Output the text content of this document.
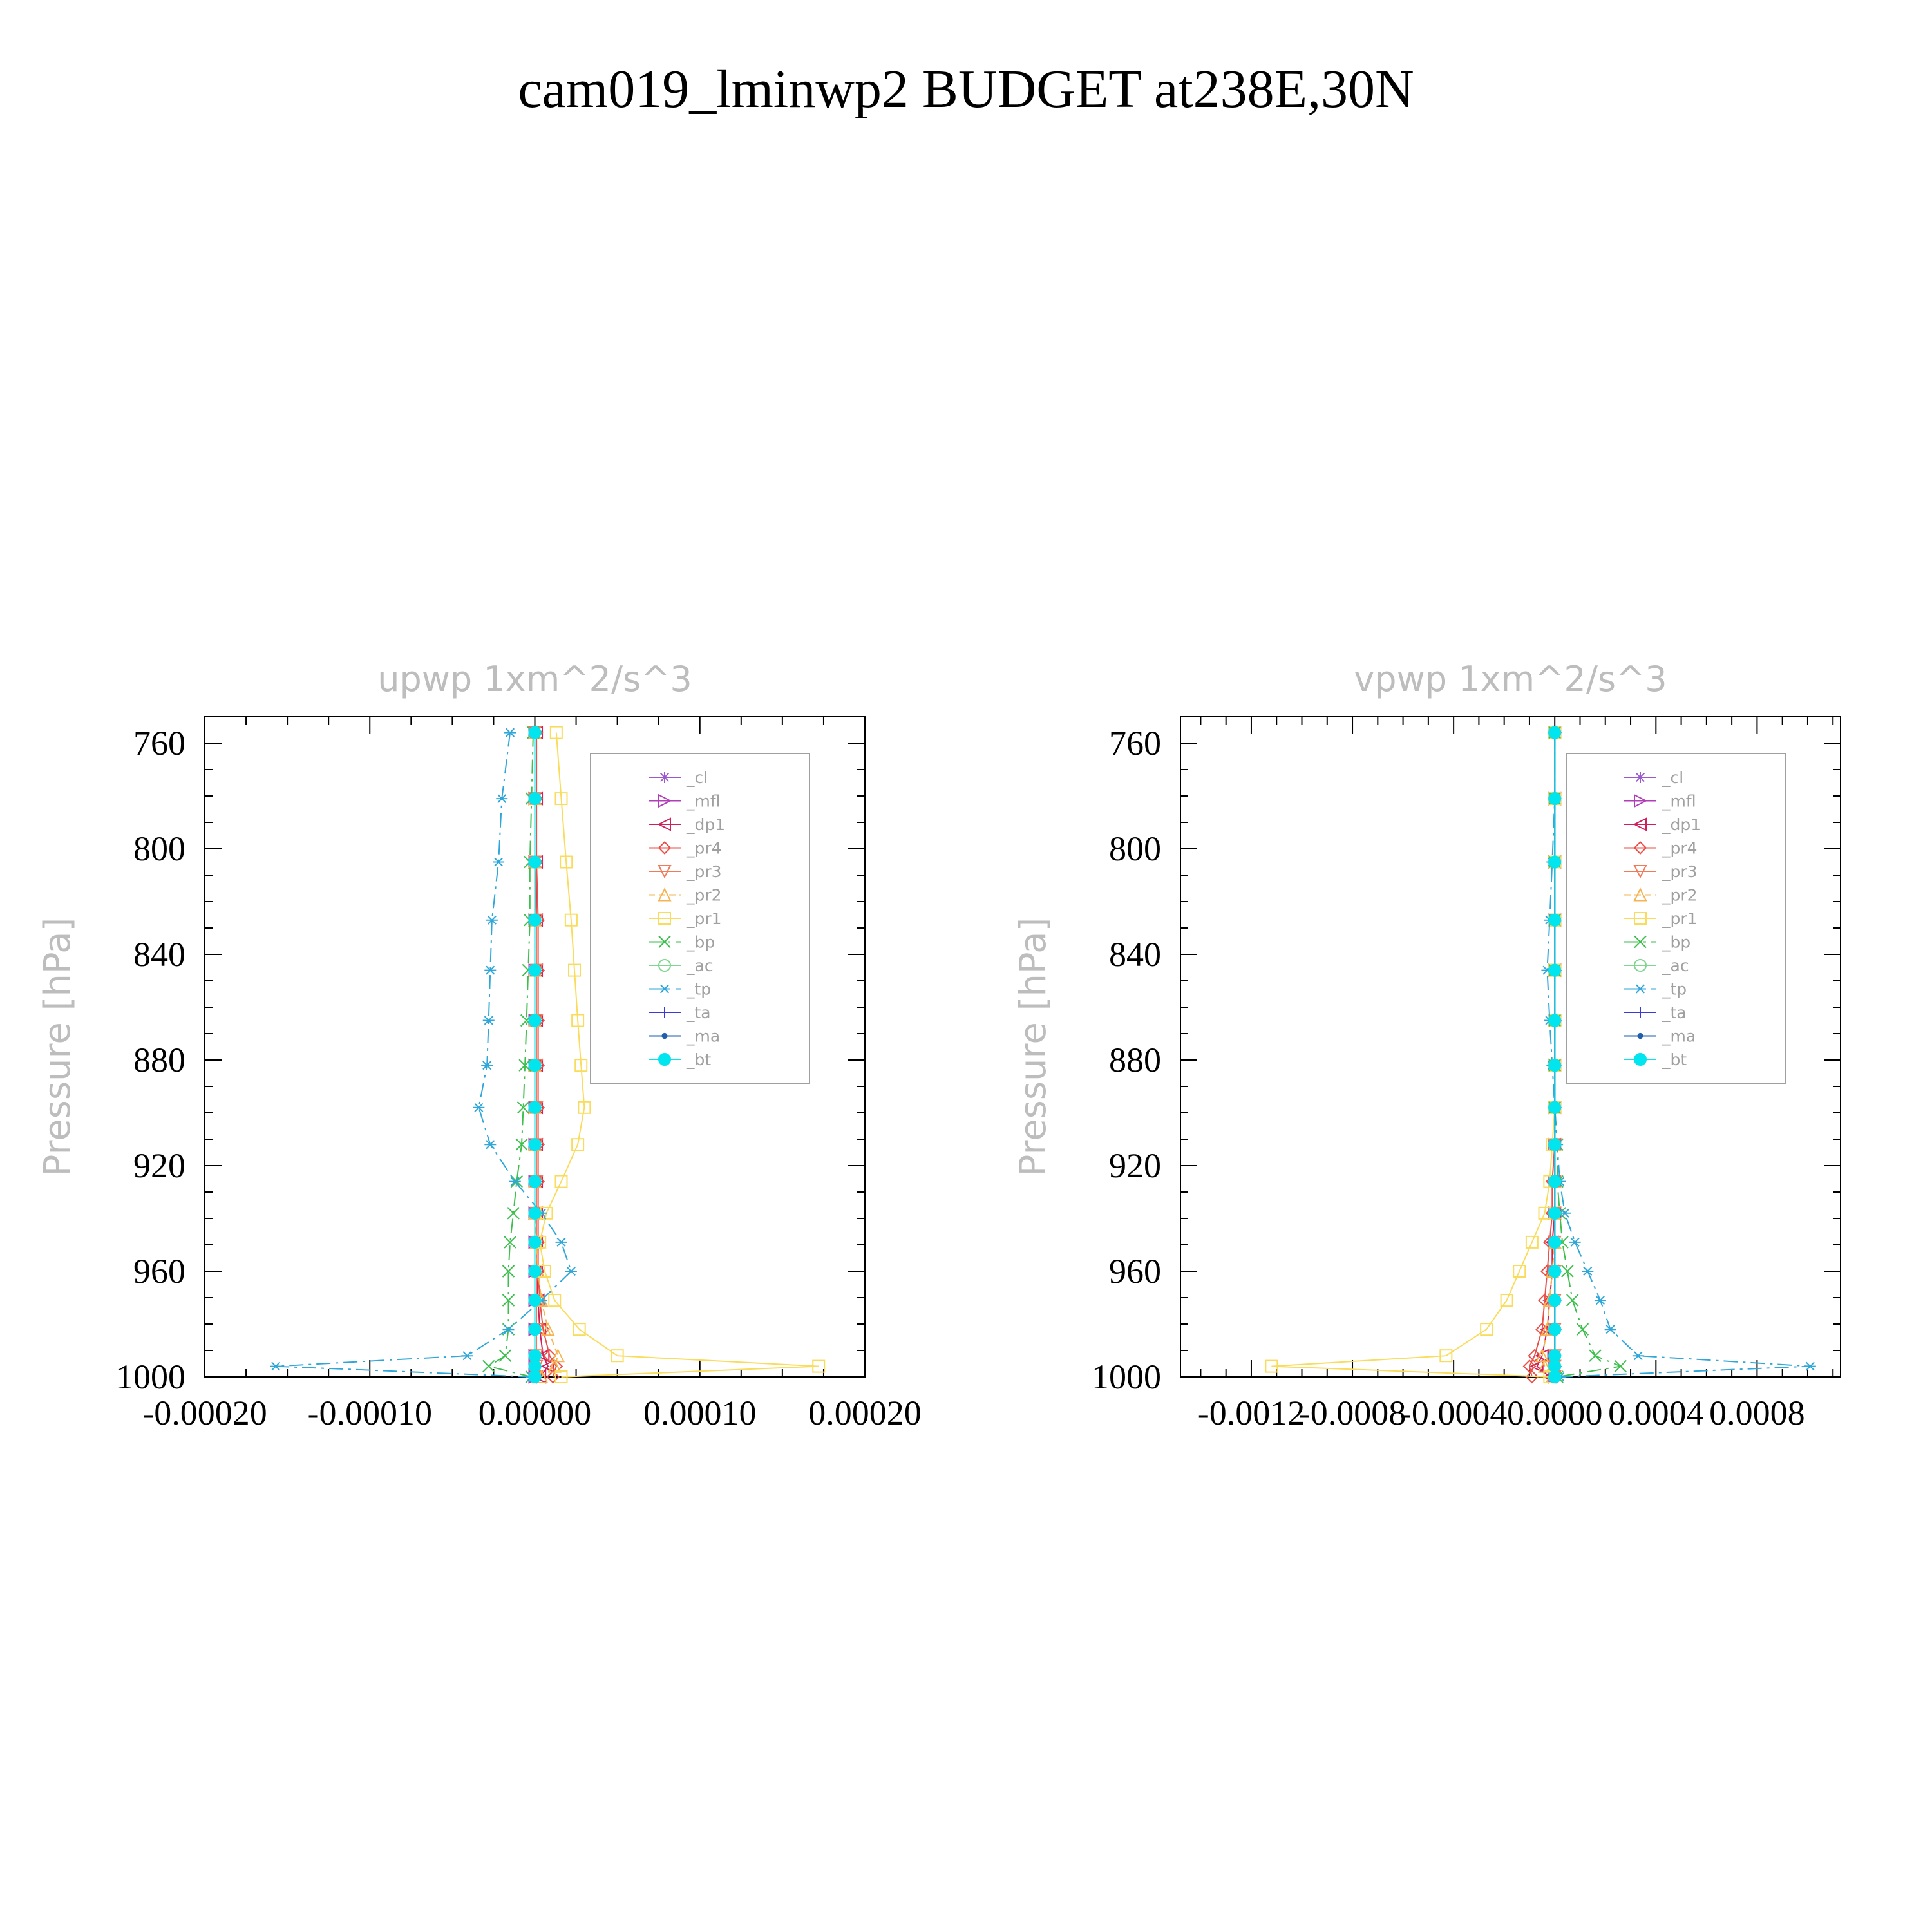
cam019_lminwp2 BUDGET at238E,30N
upwp 1xm^2/s^3
Pressure [hPa]
760
800
840
880
920
960
1000
-0.00020 -0.00010 0.00000 0.00010 0.00020
_cl
_mfl
_dp1
_pr4
_pr3
_pr2
_pr1
_bp
_ac
_tp
_ta
_ma
_bt
vpwp 1xm^2/s^3
Pressure [hPa]
760
800
840
880
920
960
1000
-0.0012
-0.0008
-0.0004 0.0000 0.0004 0.0008
_cl
_mfl
_dp1
_pr4
_pr3
_pr2
_pr1
_bp
_ac
_tp
_ta
_ma
_bt
